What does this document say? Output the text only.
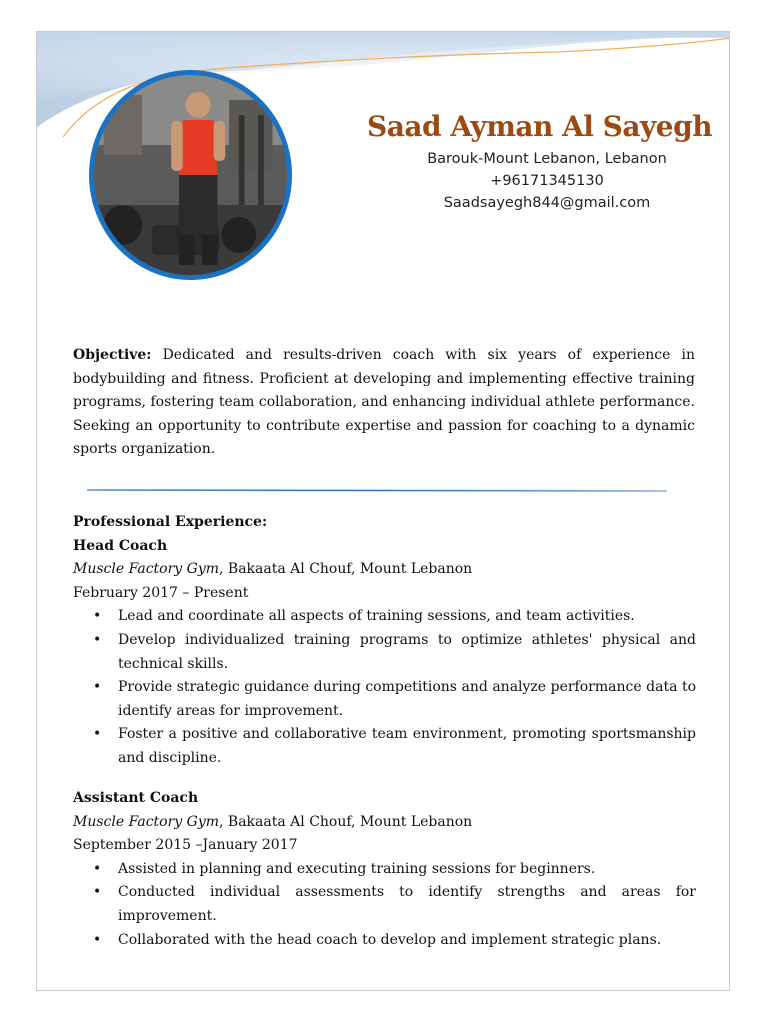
Saad Ayman Al Sayegh
Barouk-Mount Lebanon, Lebanon
+96171345130
Saadsayegh844@gmail.com
Objective: Dedicated and results-driven coach with six years of experience in bodybuilding and fitness. Proficient at developing and implementing effective training programs, fostering team collaboration, and enhancing individual athlete performance. Seeking an opportunity to contribute expertise and passion for coaching to a dynamic sports organization.
Professional Experience:
Head Coach
Muscle Factory Gym, Bakaata Al Chouf, Mount Lebanon
February 2017 – Present
• Lead and coordinate all aspects of training sessions, and team activities.
• Develop individualized training programs to optimize athletes' physical and technical skills.
• Provide strategic guidance during competitions and analyze performance data to identify areas for improvement.
• Foster a positive and collaborative team environment, promoting sportsmanship and discipline.
Assistant Coach
Muscle Factory Gym, Bakaata Al Chouf, Mount Lebanon
September 2015 –January 2017
• Assisted in planning and executing training sessions for beginners.
• Conducted individual assessments to identify strengths and areas for improvement.
• Collaborated with the head coach to develop and implement strategic plans.
